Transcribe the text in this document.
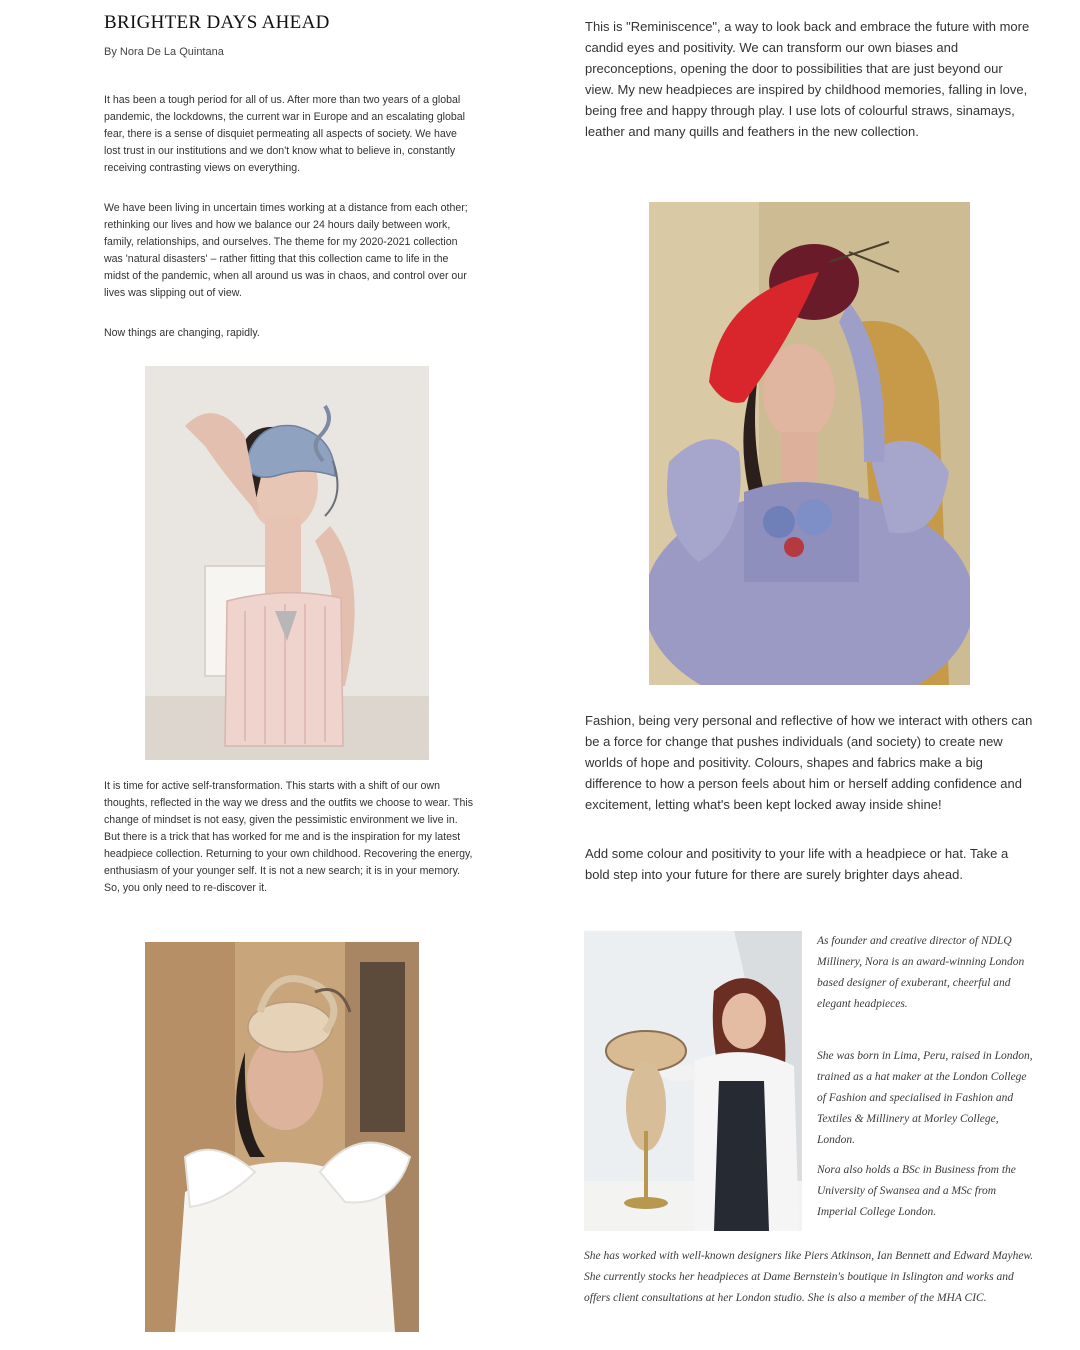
BRIGHTER DAYS AHEAD
By Nora De La Quintana

It has been a tough period for all of us. After more than two years of a global pandemic, the lockdowns, the current war in Europe and an escalating global fear, there is a sense of disquiet permeating all aspects of society. We have lost trust in our institutions and we don't know what to believe in, constantly receiving contrasting views on everything.

We have been living in uncertain times working at a distance from each other; rethinking our lives and how we balance our 24 hours daily between work, family, relationships, and ourselves. The theme for my 2020-2021 collection was 'natural disasters' – rather fitting that this collection came to life in the midst of the pandemic, when all around us was in chaos, and control over our lives was slipping out of view.

Now things are changing, rapidly.

It is time for active self-transformation. This starts with a shift of our own thoughts, reflected in the way we dress and the outfits we choose to wear. This change of mindset is not easy, given the pessimistic environment we live in. But there is a trick that has worked for me and is the inspiration for my latest headpiece collection. Returning to your own childhood. Recovering the energy, enthusiasm of your younger self. It is not a new search; it is in your memory. So, you only need to re-discover it.

This is "Reminiscence", a way to look back and embrace the future with more candid eyes and positivity. We can transform our own biases and preconceptions, opening the door to possibilities that are just beyond our view. My new headpieces are inspired by childhood memories, falling in love, being free and happy through play. I use lots of colourful straws, sinamays, leather and many quills and feathers in the new collection.

Fashion, being very personal and reflective of how we interact with others can be a force for change that pushes individuals (and society) to create new worlds of hope and positivity. Colours, shapes and fabrics make a big difference to how a person feels about him or herself adding confidence and excitement, letting what's been kept locked away inside shine!

Add some colour and positivity to your life with a headpiece or hat. Take a bold step into your future for there are surely brighter days ahead.

As founder and creative director of NDLQ Millinery, Nora is an award-winning London based designer of exuberant, cheerful and elegant headpieces.

She was born in Lima, Peru, raised in London, trained as a hat maker at the London College of Fashion and specialised in Fashion and Textiles & Millinery at Morley College, London.

Nora also holds a BSc in Business from the University of Swansea and a MSc from Imperial College London.

She has worked with well-known designers like Piers Atkinson, Ian Bennett and Edward Mayhew. She currently stocks her headpieces at Dame Bernstein's boutique in Islington and works and offers client consultations at her London studio. She is also a member of the MHA CIC.
